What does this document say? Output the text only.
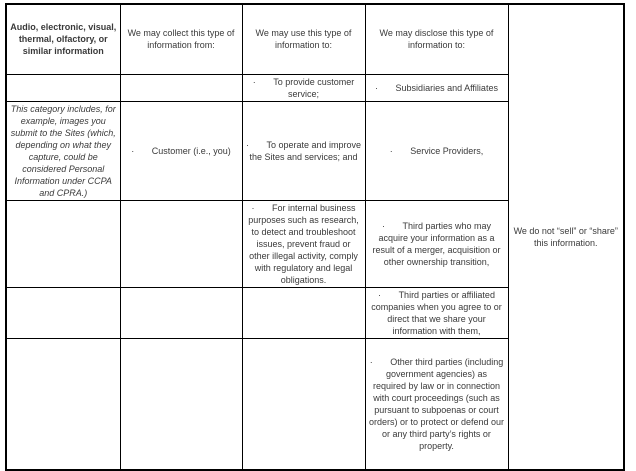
Audio, electronic, visual, thermal, olfactory, or similar information	We may collect this type of information from:	We may use this type of information to:	We may disclose this type of information to:	We do not “sell” or “share” this information.
		· To provide customer service;	· Subsidiaries and Affiliates	
This category includes, for example, images you submit to the Sites (which, depending on what they capture, could be considered Personal Information under CCPA and CPRA.)	· Customer (i.e., you)	· To operate and improve the Sites and services; and	· Service Providers,	
		· For internal business purposes such as research, to detect and troubleshoot issues, prevent fraud or other illegal activity, comply with regulatory and legal obligations.	· Third parties who may acquire your information as a result of a merger, acquisition or other ownership transition,	
			· Third parties or affiliated companies when you agree to or direct that we share your information with them,	
			· Other third parties (including government agencies) as required by law or in connection with court proceedings (such as pursuant to subpoenas or court orders) or to protect or defend our or any third party’s rights or property.	
